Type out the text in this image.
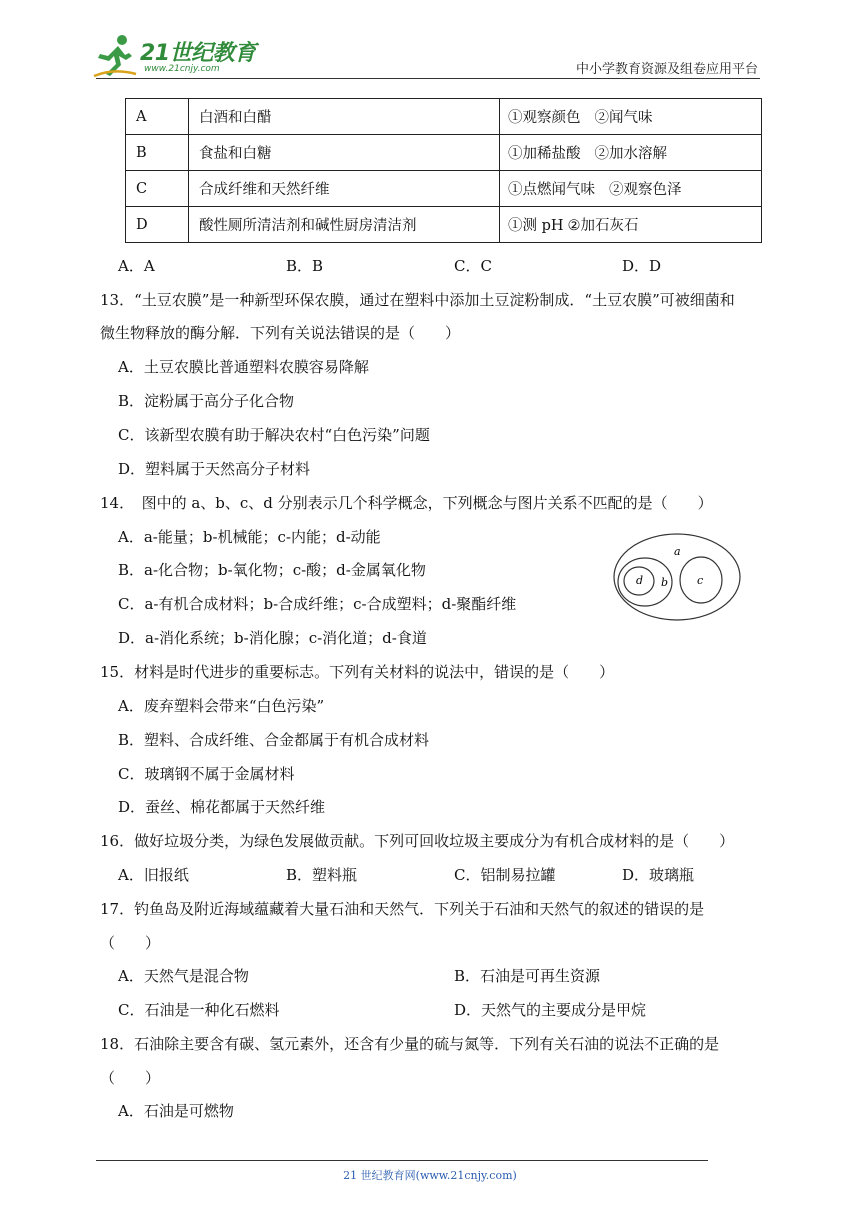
21世纪教育
www.21cnjy.com	中小学教育资源及组卷应用平台
A	白酒和白醋	①观察颜色 ②闻气味
B	食盐和白糖	①加稀盐酸 ②加水溶解
C	合成纤维和天然纤维	①点燃闻气味 ②观察色泽
D	酸性厕所清洁剂和碱性厨房清洁剂	①测 pH ②加石灰石
A．A	B．B	C．C	D．D
13．“土豆农膜”是一种新型环保农膜，通过在塑料中添加土豆淀粉制成．“土豆农膜”可被细菌和
微生物释放的酶分解．下列有关说法错误的是（　　）
A．土豆农膜比普通塑料农膜容易降解
B．淀粉属于高分子化合物
C．该新型农膜有助于解决农村“白色污染”问题
D．塑料属于天然高分子材料
14．　图中的 a、b、c、d 分别表示几个科学概念，下列概念与图片关系不匹配的是（　　）
A．a-能量；b-机械能；c-内能；d-动能
B．a-化合物；b-氧化物；c-酸；d-金属氧化物
C．a-有机合成材料；b-合成纤维；c-合成塑料；d-聚酯纤维
D．a-消化系统；b-消化腺；c-消化道；d-食道
a
b	c
d
15．材料是时代进步的重要标志。下列有关材料的说法中，错误的是（　　）
A．废弃塑料会带来“白色污染”
B．塑料、合成纤维、合金都属于有机合成材料
C．玻璃钢不属于金属材料
D．蚕丝、棉花都属于天然纤维
16．做好垃圾分类，为绿色发展做贡献。下列可回收垃圾主要成分为有机合成材料的是（　　）
A．旧报纸	B．塑料瓶	C．铝制易拉罐	D．玻璃瓶
17．钓鱼岛及附近海域蕴藏着大量石油和天然气．下列关于石油和天然气的叙述的错误的是
（　　）
A．天然气是混合物	B．石油是可再生资源
C．石油是一种化石燃料	D．天然气的主要成分是甲烷
18．石油除主要含有碳、氢元素外，还含有少量的硫与氮等．下列有关石油的说法不正确的是
（　　）
A．石油是可燃物
21 世纪教育网(www.21cnjy.com)
